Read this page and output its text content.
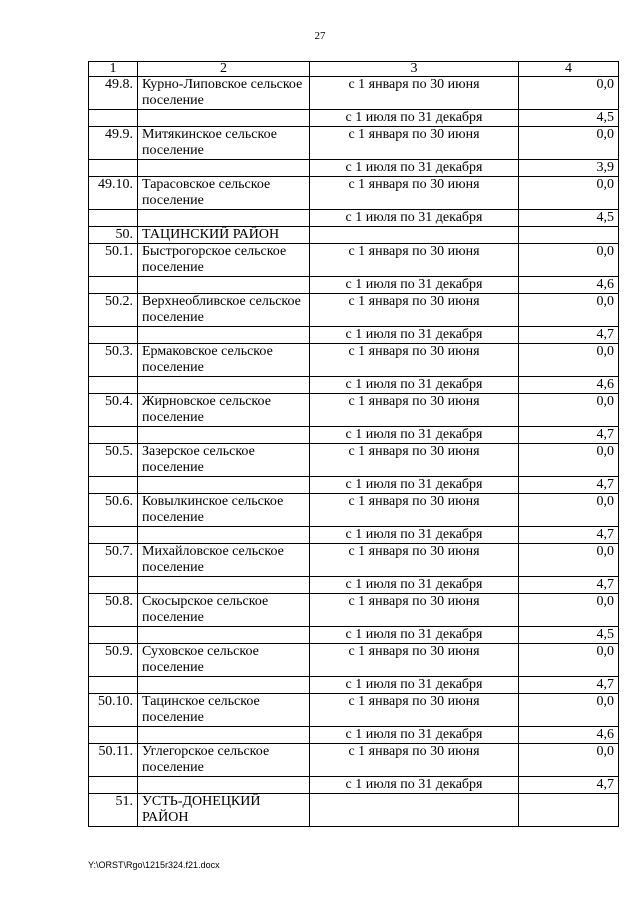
27
1	2	3	4
49.8.	Курно-Липовское сельское поселение	с 1 января по 30 июня	0,0
		с 1 июля по 31 декабря	4,5
49.9.	Митякинское сельское поселение	с 1 января по 30 июня	0,0
		с 1 июля по 31 декабря	3,9
49.10.	Тарасовское сельское поселение	с 1 января по 30 июня	0,0
		с 1 июля по 31 декабря	4,5
50.	ТАЦИНСКИЙ РАЙОН		
50.1.	Быстрогорское сельское поселение	с 1 января по 30 июня	0,0
		с 1 июля по 31 декабря	4,6
50.2.	Верхнеобливское сельское поселение	с 1 января по 30 июня	0,0
		с 1 июля по 31 декабря	4,7
50.3.	Ермаковское сельское поселение	с 1 января по 30 июня	0,0
		с 1 июля по 31 декабря	4,6
50.4.	Жирновское сельское поселение	с 1 января по 30 июня	0,0
		с 1 июля по 31 декабря	4,7
50.5.	Зазерское сельское поселение	с 1 января по 30 июня	0,0
		с 1 июля по 31 декабря	4,7
50.6.	Ковылкинское сельское поселение	с 1 января по 30 июня	0,0
		с 1 июля по 31 декабря	4,7
50.7.	Михайловское сельское поселение	с 1 января по 30 июня	0,0
		с 1 июля по 31 декабря	4,7
50.8.	Скосырское сельское поселение	с 1 января по 30 июня	0,0
		с 1 июля по 31 декабря	4,5
50.9.	Суховское сельское поселение	с 1 января по 30 июня	0,0
		с 1 июля по 31 декабря	4,7
50.10.	Тацинское сельское поселение	с 1 января по 30 июня	0,0
		с 1 июля по 31 декабря	4,6
50.11.	Углегорское сельское поселение	с 1 января по 30 июня	0,0
		с 1 июля по 31 декабря	4,7
51.	УСТЬ-ДОНЕЦКИЙ РАЙОН		
Y:\ORST\Rgo\1215r324.f21.docx
